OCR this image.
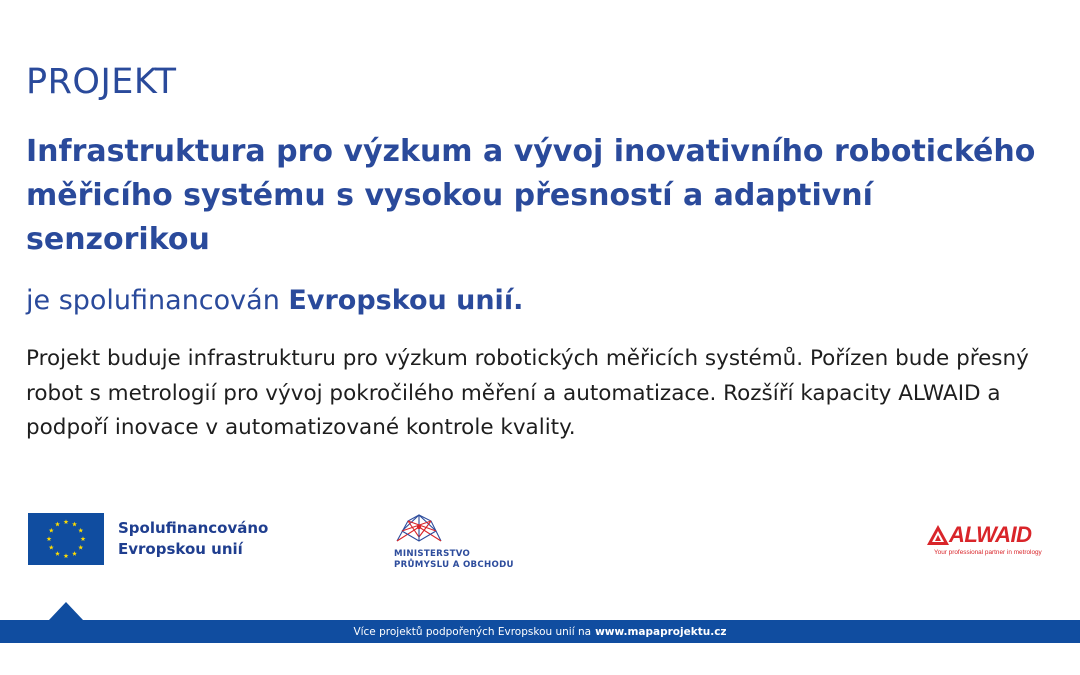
PROJEKT
Infrastruktura pro výzkum a vývoj inovativního robotického měřicího systému s vysokou přesností a adaptivní senzorikou
je spolufinancován Evropskou unií.
Projekt buduje infrastrukturu pro výzkum robotických měřicích systémů. Pořízen bude přesný robot s metrologií pro vývoj pokročilého měření a automatizace. Rozšíří kapacity ALWAID a podpoří inovace v automatizované kontrole kvality.
Spolufinancováno
Evropskou unií	MINISTERSTVO
PRŮMYSLU A OBCHODU
ALWAID
Your professional partner in metrology
Více projektů podpořených Evropskou unií na www.mapaprojektu.cz
